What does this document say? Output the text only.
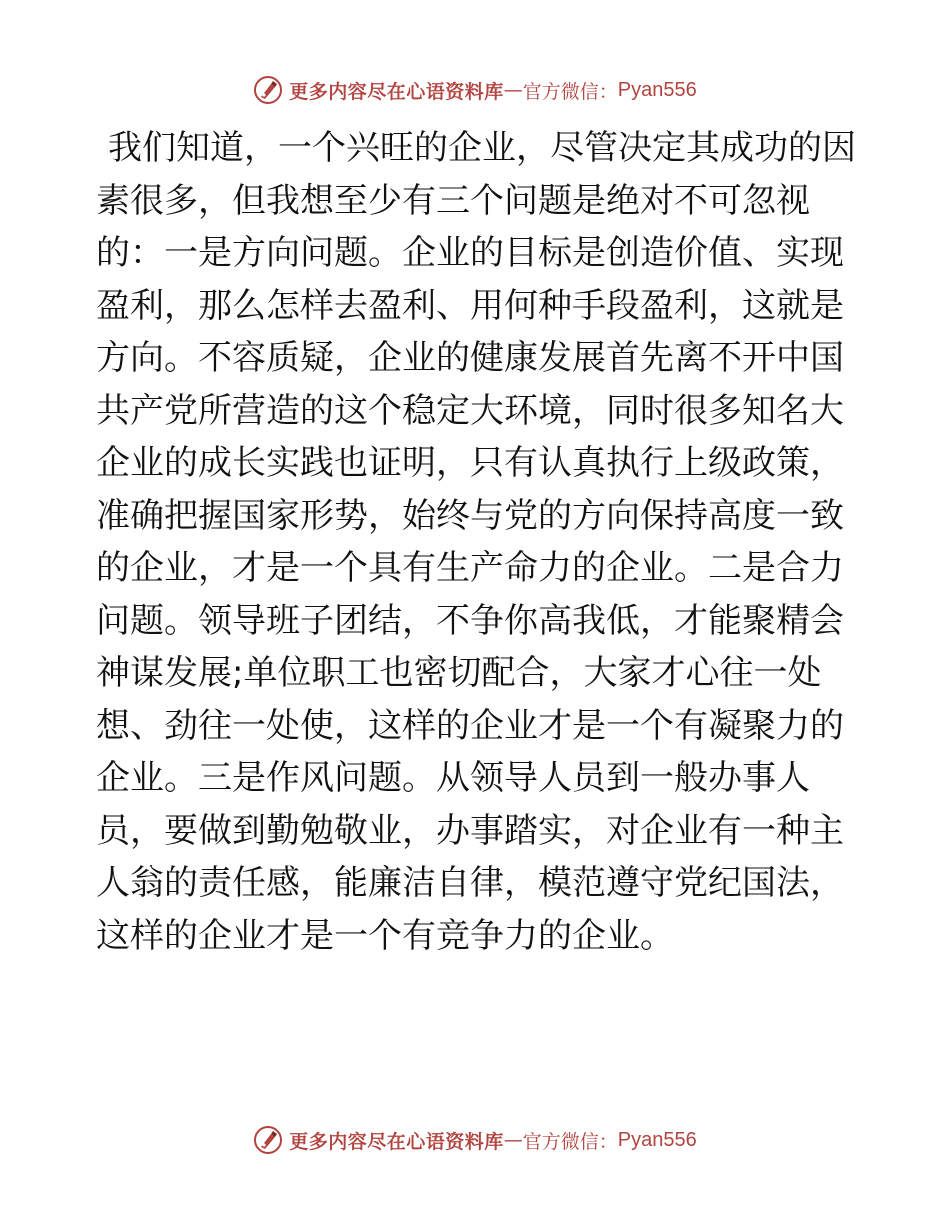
更多内容尽在心语资料库 — 官方微信： Pyan556

我们知道，一个兴旺的企业，尽管决定其成功的因素很多，但我想至少有三个问题是绝对不可忽视的：一是方向问题。企业的目标是创造价值、实现盈利，那么怎样去盈利、用何种手段盈利，这就是方向。不容质疑，企业的健康发展首先离不开中国共产党所营造的这个稳定大环境，同时很多知名大企业的成长实践也证明，只有认真执行上级政策，准确把握国家形势，始终与党的方向保持高度一致的企业，才是一个具有生产命力的企业。二是合力问题。领导班子团结，不争你高我低，才能聚精会神谋发展;单位职工也密切配合，大家才心往一处想、劲往一处使，这样的企业才是一个有凝聚力的企业。三是作风问题。从领导人员到一般办事人员，要做到勤勉敬业，办事踏实，对企业有一种主人翁的责任感，能廉洁自律，模范遵守党纪国法，这样的企业才是一个有竞争力的企业。

更多内容尽在心语资料库 — 官方微信： Pyan556
